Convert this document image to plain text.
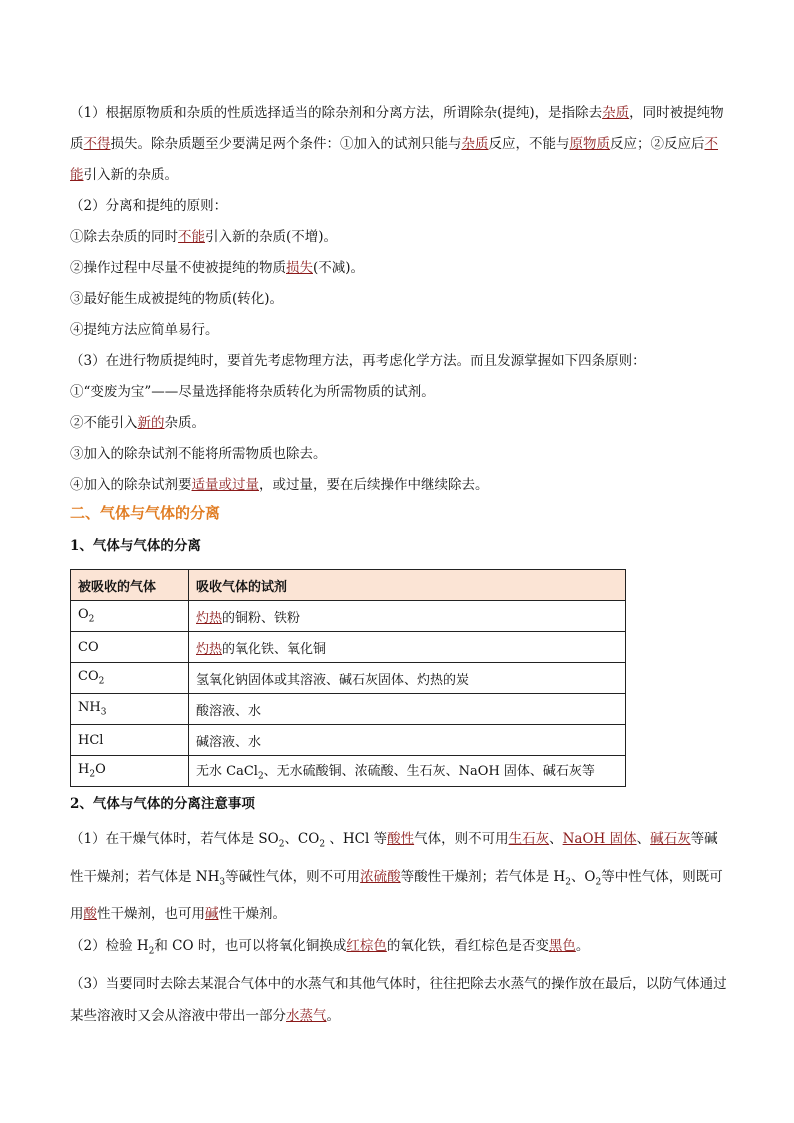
（1）根据原物质和杂质的性质选择适当的除杂剂和分离方法，所谓除杂(提纯)，是指除去杂质，同时被提纯物质不得损失。除杂质题至少要满足两个条件：①加入的试剂只能与杂质反应，不能与原物质反应；②反应后不能引入新的杂质。

（2）分离和提纯的原则：

①除去杂质的同时不能引入新的杂质(不增)。

②操作过程中尽量不使被提纯的物质损失(不减)。

③最好能生成被提纯的物质(转化)。

④提纯方法应简单易行。

（3）在进行物质提纯时，要首先考虑物理方法，再考虑化学方法。而且发源掌握如下四条原则：

①“变废为宝”——尽量选择能将杂质转化为所需物质的试剂。

②不能引入新的杂质。

③加入的除杂试剂不能将所需物质也除去。

④加入的除杂试剂要适量或过量，或过量，要在后续操作中继续除去。

二、气体与气体的分离
1、气体与气体的分离
被吸收的气体	吸收气体的试剂
$O_2$	灼热的铜粉、铁粉
CO	灼热的氧化铁、氧化铜
$CO_2$	氢氧化钠固体或其溶液、碱石灰固体、灼热的炭
$NH_3$	酸溶液、水
HCl	碱溶液、水
$H_2O$	无水 CaCl$_2$、无水硫酸铜、浓硫酸、生石灰、NaOH 固体、碱石灰等
2、气体与气体的分离注意事项

（1）在干燥气体时，若气体是 $SO_2$、$CO_2$ 、HCl 等酸性气体，则不可用生石灰、NaOH 固体、碱石灰等碱性干燥剂；若气体是 $NH_3$等碱性气体，则不可用浓硫酸等酸性干燥剂；若气体是 $H_2$、$O_2$等中性气体，则既可用酸性干燥剂，也可用碱性干燥剂。

（2）检验 $H_2$和 CO 时，也可以将氧化铜换成红棕色的氧化铁，看红棕色是否变黑色。

（3）当要同时去除去某混合气体中的水蒸气和其他气体时，往往把除去水蒸气的操作放在最后，以防气体通过某些溶液时又会从溶液中带出一部分水蒸气。
